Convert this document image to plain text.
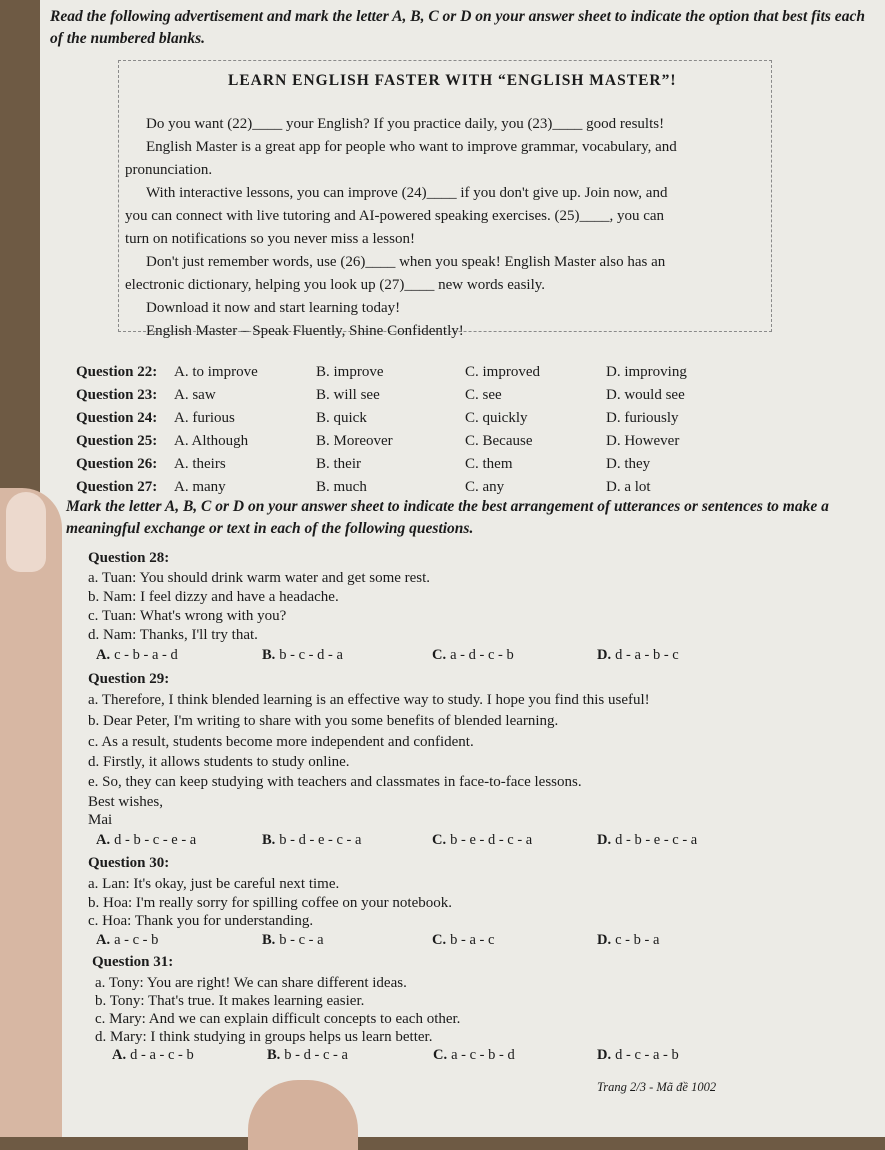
Read the following advertisement and mark the letter A, B, C or D on your answer sheet to indicate the option that best fits each of the numbered blanks.
LEARN ENGLISH FASTER WITH “ENGLISH MASTER”!
Do you want (22)____ your English? If you practice daily, you (23)____ good results!
English Master is a great app for people who want to improve grammar, vocabulary, and
pronunciation.
With interactive lessons, you can improve (24)____ if you don't give up. Join now, and
you can connect with live tutoring and AI-powered speaking exercises. (25)____, you can
turn on notifications so you never miss a lesson!
Don't just remember words, use (26)____ when you speak! English Master also has an
electronic dictionary, helping you look up (27)____ new words easily.
Download it now and start learning today!
English Master – Speak Fluently, Shine Confidently!
Question 22: A. to improve	B. improve	C. improved	D. improving
Question 23: A. saw	B. will see	C. see	D. would see
Question 24: A. furious	B. quick	C. quickly	D. furiously
Question 25: A. Although	B. Moreover	C. Because	D. However
Question 26: A. theirs	B. their	C. them	D. they
Question 27: A. many	B. much	C. any	D. a lot
Mark the letter A, B, C or D on your answer sheet to indicate the best arrangement of utterances or sentences to make a meaningful exchange or text in each of the following questions.
Question 28:
a. Tuan: You should drink warm water and get some rest.
b. Nam: I feel dizzy and have a headache.
c. Tuan: What's wrong with you?
d. Nam: Thanks, I'll try that.
A. c - b - a - d	B. b - c - d - a	C. a - d - c - b	D. d - a - b - c
Question 29:
a. Therefore, I think blended learning is an effective way to study. I hope you find this useful!
b. Dear Peter, I'm writing to share with you some benefits of blended learning.
c. As a result, students become more independent and confident.
d. Firstly, it allows students to study online.
e. So, they can keep studying with teachers and classmates in face-to-face lessons.
Best wishes,
Mai
A. d - b - c - e - a	B. b - d - e - c - a	C. b - e - d - c - a	D. d - b - e - c - a
Question 30:
a. Lan: It's okay, just be careful next time.
b. Hoa: I'm really sorry for spilling coffee on your notebook.
c. Hoa: Thank you for understanding.
A. a - c - b	B. b - c - a	C. b - a - c	D. c - b - a
Question 31:
a. Tony: You are right! We can share different ideas.
b. Tony: That's true. It makes learning easier.
c. Mary: And we can explain difficult concepts to each other.
d. Mary: I think studying in groups helps us learn better.
A. d - a - c - b	B. b - d - c - a	C. a - c - b - d	D. d - c - a - b
Trang 2/3 - Mã đề 1002
